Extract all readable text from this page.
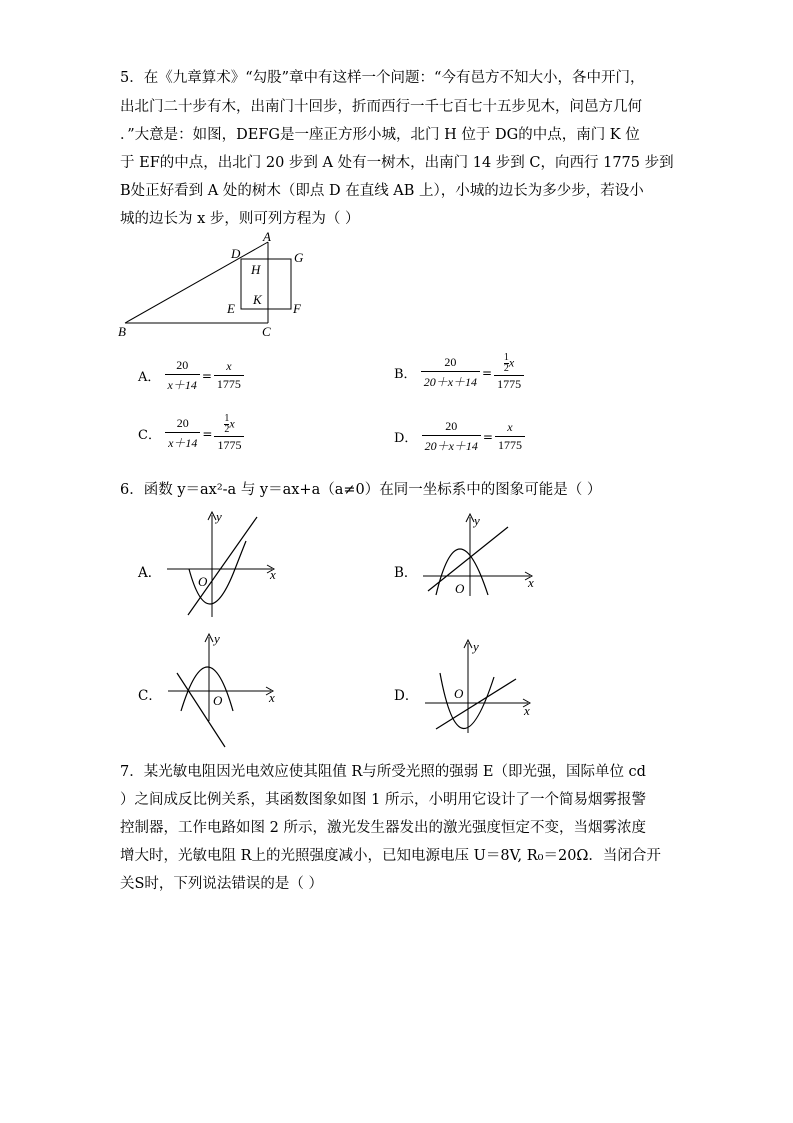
5．在《九章算术》“勾股”章中有这样一个问题：“今有邑方不知大小，各中开门，
出北门二十步有木，出南门十回步，折而西行一千七百七十五步见木，问邑方几何
．”大意是：如图，DEFG是一座正方形小城，北门 H 位于 DG的中点，南门 K 位
于 EF的中点，出北门 20 步到 A 处有一树木，出南门 14 步到 C，向西行 1775 步到
B处正好看到 A 处的树木（即点 D 在直线 AB 上），小城的边长为多少步，若设小
城的边长为 x 步，则可列方程为（ ）
A
B	C
D
E	F
G
H
K
A． $\frac{20}{x+14} = \frac{x}{1775}$	B． $\frac{20}{20+x+14} = \frac{\frac{1}{2} x}{1775}$
C． $\frac{20}{x+14} = \frac{\frac{1}{2} x}{1775}$	D． $\frac{20}{20+x+14} = \frac{x}{1775}$
6．函数 y＝ax²-a 与 y＝ax+a（a≠0）在同一坐标系中的图象可能是（ ）
A．	x
y
O
B．
x
y
O
C．	x
y
O	D．
x
y
O
7．某光敏电阻因光电效应使其阻值 R与所受光照的强弱 E（即光强，国际单位 cd
）之间成反比例关系，其函数图象如图 1 所示，小明用它设计了一个简易烟雾报警
控制器，工作电路如图 2 所示，激光发生器发出的激光强度恒定不变，当烟雾浓度
增大时，光敏电阻 R上的光照强度减小，已知电源电压 U＝8V, R₀＝20Ω．当闭合开
关S时，下列说法错误的是（ ）
